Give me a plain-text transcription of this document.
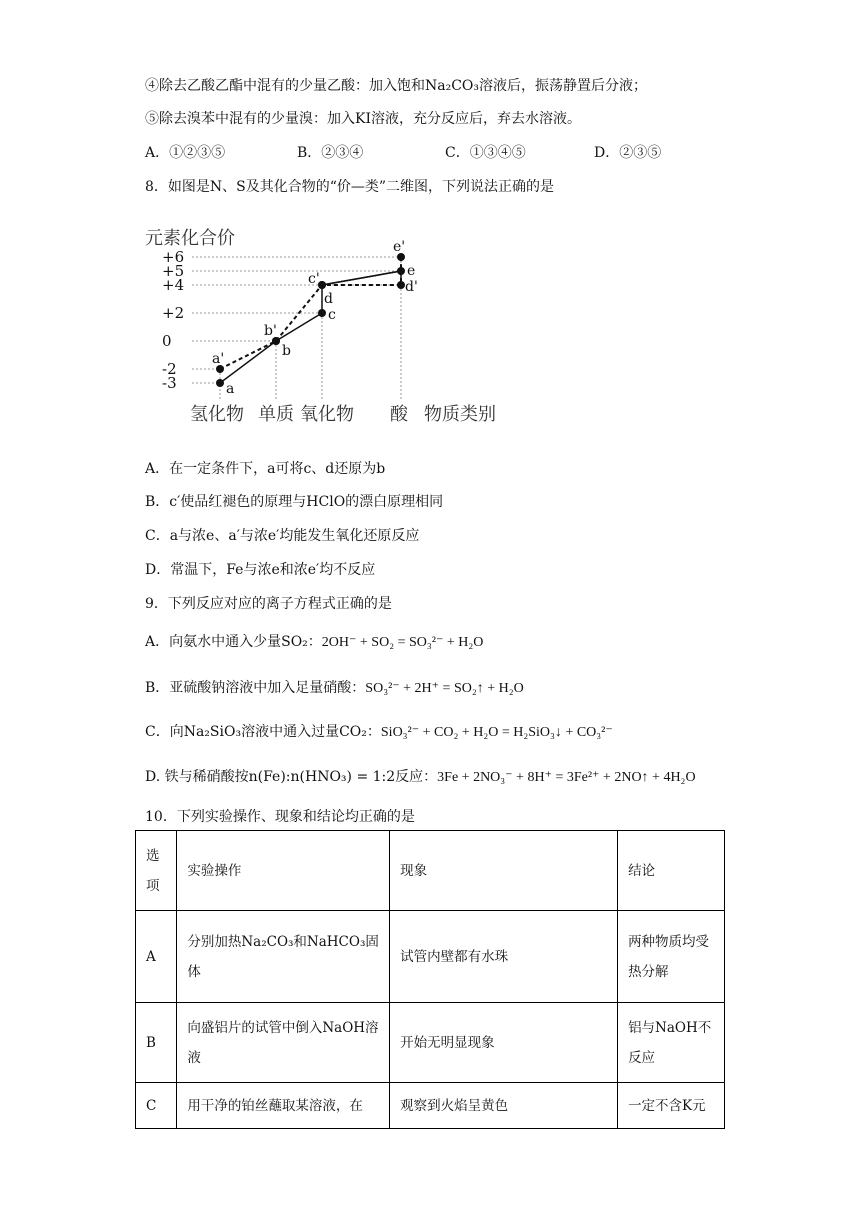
④除去乙酸乙酯中混有的少量乙酸：加入饱和Na₂CO₃溶液后，振荡静置后分液；
⑤除去溴苯中混有的少量溴：加入KI溶液，充分反应后，弃去水溶液。
A．①②③⑤	B．②③④	C．①③④⑤	D．②③⑤
8．如图是N、S及其化合物的“价—类”二维图，下列说法正确的是
元素化合价
+6
+5
+4
+2
0
-2
-3	a
b
c
d
e
a'
b'
c'	d'
e'
氢化物 单质 氧化物 酸 物质类别
A．在一定条件下，a可将c、d还原为b
B．c′使品红褪色的原理与HClO的漂白原理相同
C．a与浓e、a′与浓e′均能发生氧化还原反应
D．常温下，Fe与浓e和浓e′均不反应
9．下列反应对应的离子方程式正确的是
A．向氨水中通入少量SO₂：2OH⁻ + SO₂ = SO₃²⁻ + H₂O
B．亚硫酸钠溶液中加入足量硝酸：SO₃²⁻ + 2H⁺ = SO₂↑ + H₂O
C．向Na₂SiO₃溶液中通入过量CO₂：SiO₃²⁻ + CO₂ + H₂O = H₂SiO₃↓ + CO₃²⁻
D. 铁与稀硝酸按n(Fe):n(HNO₃) = 1:2反应：3Fe + 2NO₃⁻ + 8H⁺ = 3Fe²⁺ + 2NO↑ + 4H₂O
10．下列实验操作、现象和结论均正确的是
选项	实验操作	现象	结论
A	分别加热Na₂CO₃和NaHCO₃固体	试管内壁都有水珠	两种物质均受热分解
B	向盛铝片的试管中倒入NaOH溶液	开始无明显现象	铝与NaOH不反应
C	用干净的铂丝蘸取某溶液，在	观察到火焰呈黄色	一定不含K元
